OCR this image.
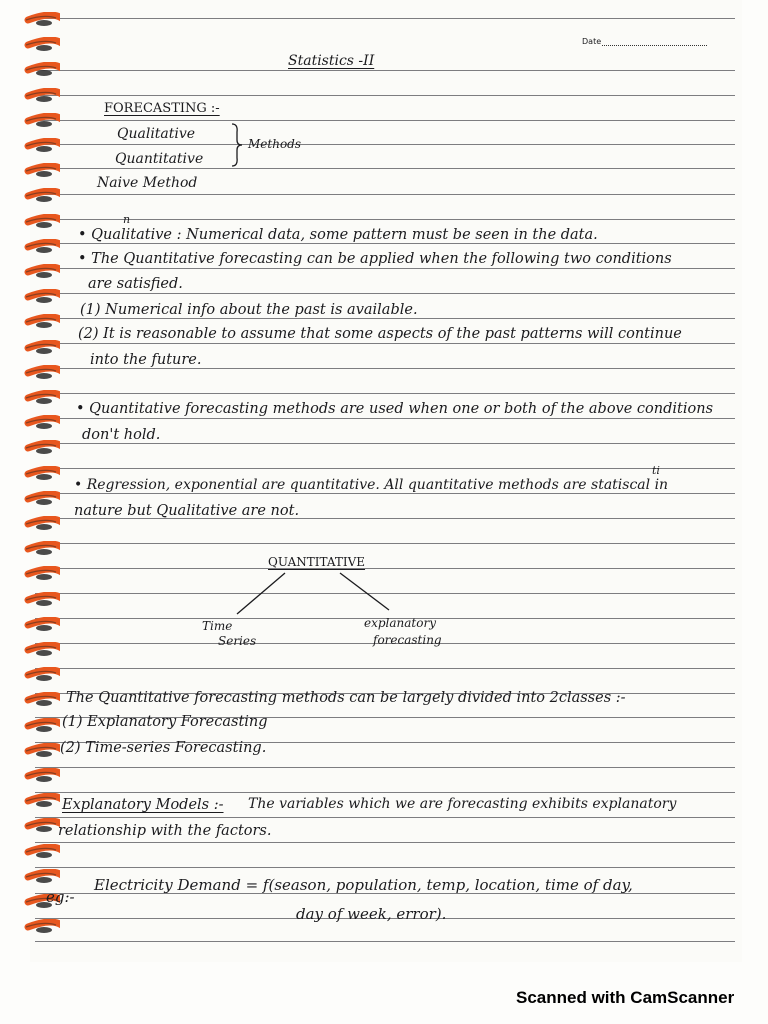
Date
Statistics -II
FORECASTING :-
Qualitative
Quantitative
Methods
Naive Method
n
• Qualitative : Numerical data, some pattern must be seen in the data.
• The Quantitative forecasting can be applied when the following two conditions
are satisfied.
(1) Numerical info about the past is available.
(2) It is reasonable to assume that some aspects of the past patterns will continue
into the future.
• Quantitative forecasting methods are used when one or both of the above conditions
don't hold.
ti
• Regression, exponential are quantitative. All quantitative methods are statiscal in
nature but Qualitative are not.
QUANTITATIVE
Time
Series
explanatory
forecasting
The Quantitative forecasting methods can be largely divided into 2classes :-
(1) Explanatory Forecasting
(2) Time-series Forecasting.
Explanatory Models :- The variables which we are forecasting exhibits explanatory
relationship with the factors.
eg:-
Electricity Demand = f(season, population, temp, location, time of day,
day of week, error).
Scanned with CamScanner
